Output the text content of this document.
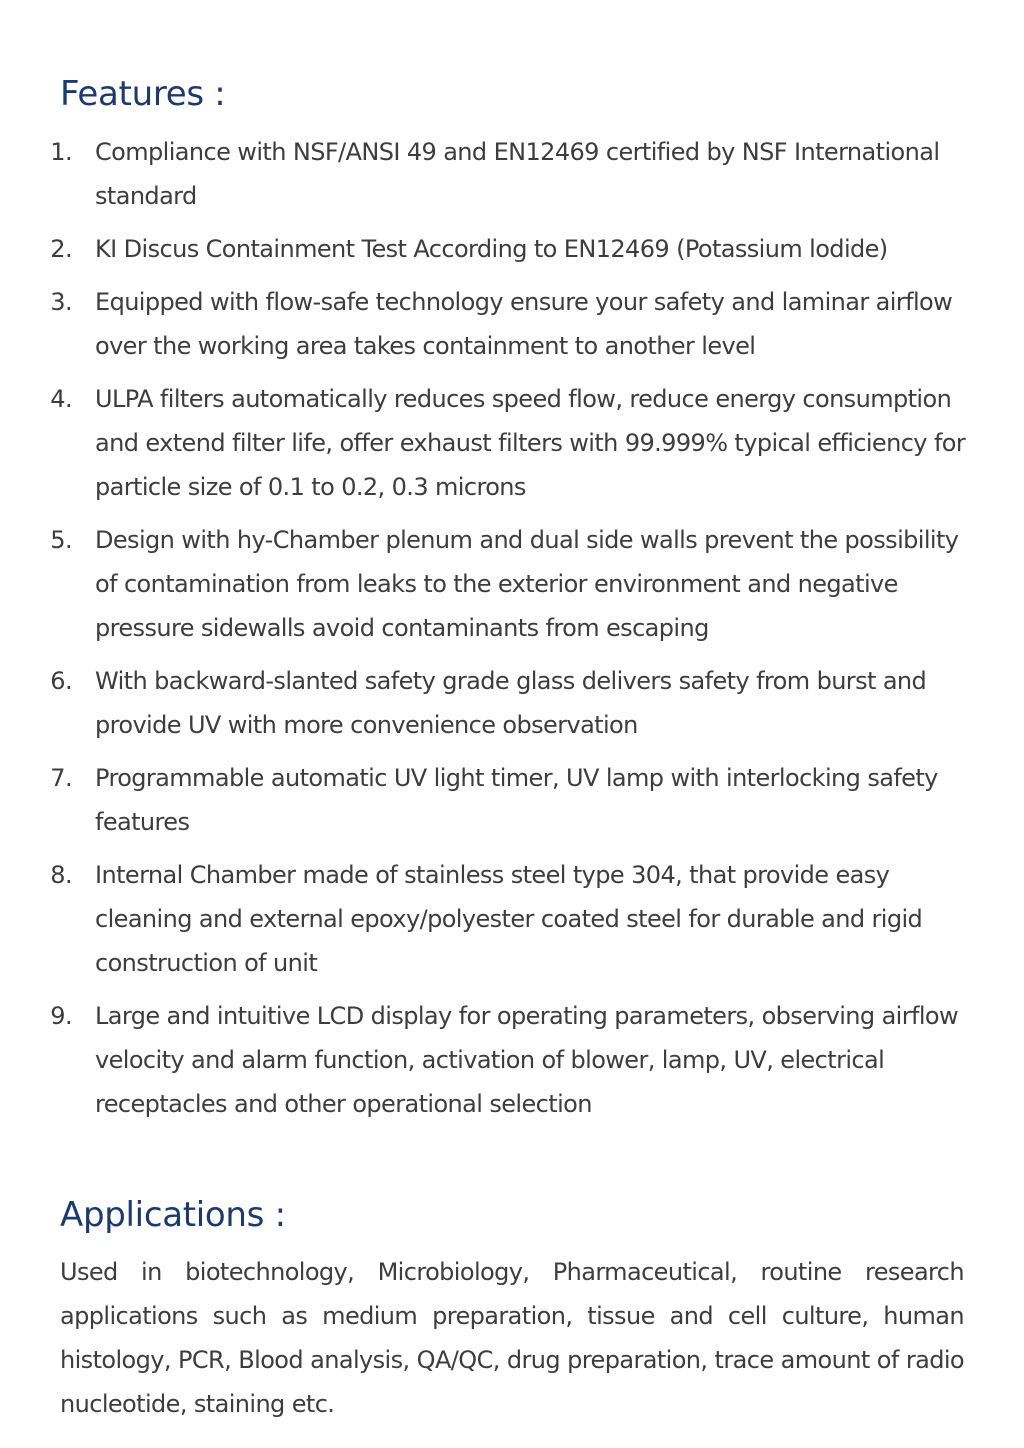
Features :
1. Compliance with NSF/ANSI 49 and EN12469 certified by NSF International standard
2. KI Discus Containment Test According to EN12469 (Potassium lodide)
3. Equipped with flow-safe technology ensure your safety and laminar airflow over the working area takes containment to another level
4. ULPA filters automatically reduces speed flow, reduce energy consumption and extend filter life, offer exhaust filters with 99.999% typical efficiency for particle size of 0.1 to 0.2, 0.3 microns
5. Design with hy-Chamber plenum and dual side walls prevent the possibility of contamination from leaks to the exterior environment and negative pressure sidewalls avoid contaminants from escaping
6. With backward-slanted safety grade glass delivers safety from burst and provide UV with more convenience observation
7. Programmable automatic UV light timer, UV lamp with interlocking safety features
8. Internal Chamber made of stainless steel type 304, that provide easy cleaning and external epoxy/polyester coated steel for durable and rigid construction of unit
9. Large and intuitive LCD display for operating parameters, observing airflow velocity and alarm function, activation of blower, lamp, UV, electrical receptacles and other operational selection
Applications :

Used in biotechnology, Microbiology, Pharmaceutical, routine research applications such as medium preparation, tissue and cell culture, human histology, PCR, Blood analysis, QA/QC, drug preparation, trace amount of radio nucleotide, staining etc.
